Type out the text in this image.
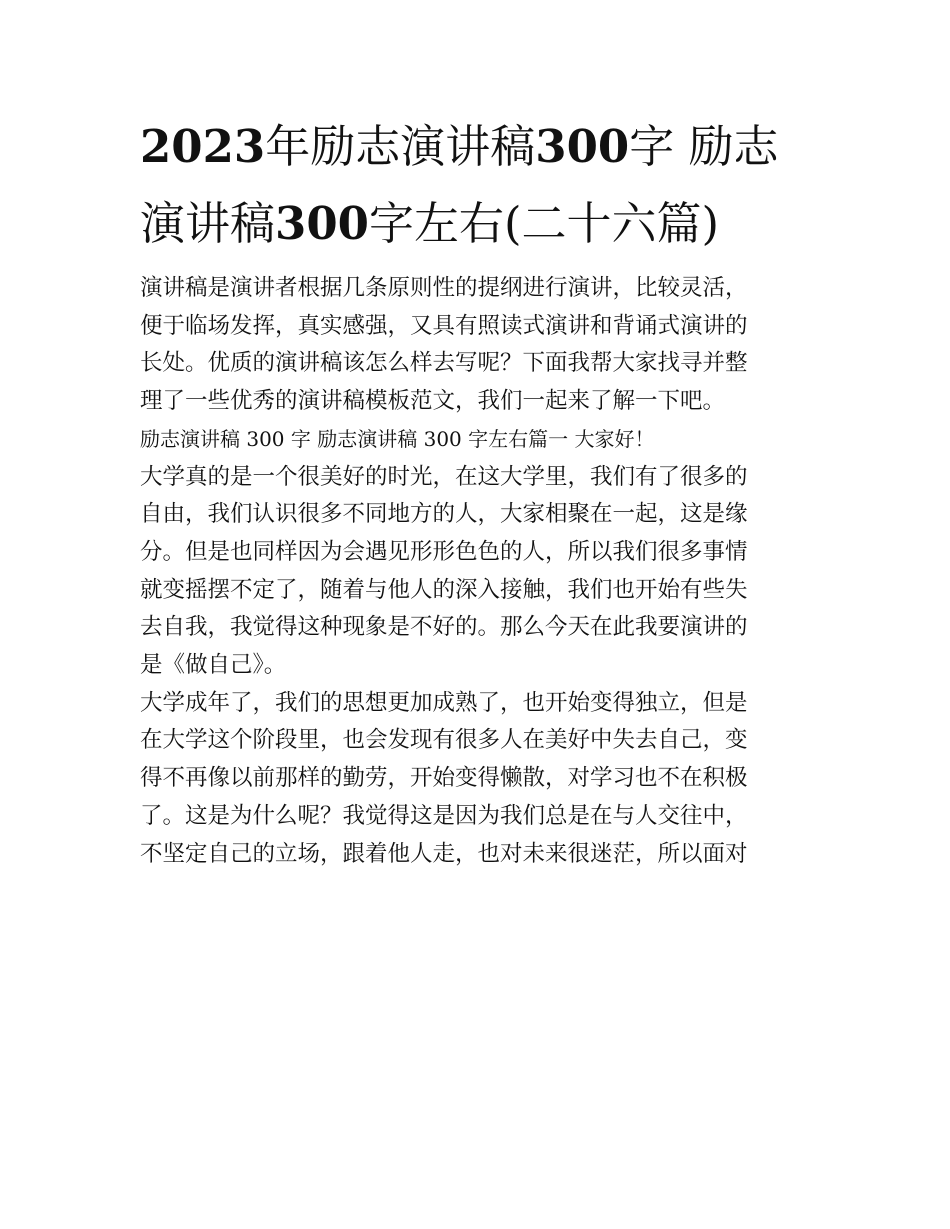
2023年励志演讲稿300字 励志
演讲稿300字左右(二十六篇)

演讲稿是演讲者根据几条原则性的提纲进行演讲，比较灵活，

便于临场发挥，真实感强，又具有照读式演讲和背诵式演讲的

长处。优质的演讲稿该怎么样去写呢？下面我帮大家找寻并整

理了一些优秀的演讲稿模板范文，我们一起来了解一下吧。

励志演讲稿 300 字 励志演讲稿 300 字左右篇一 大家好！

大学真的是一个很美好的时光，在这大学里，我们有了很多的

自由，我们认识很多不同地方的人，大家相聚在一起，这是缘

分。但是也同样因为会遇见形形色色的人，所以我们很多事情

就变摇摆不定了，随着与他人的深入接触，我们也开始有些失

去自我，我觉得这种现象是不好的。那么今天在此我要演讲的

是《做自己》。

大学成年了，我们的思想更加成熟了，也开始变得独立，但是

在大学这个阶段里，也会发现有很多人在美好中失去自己，变

得不再像以前那样的勤劳，开始变得懒散，对学习也不在积极

了。这是为什么呢？我觉得这是因为我们总是在与人交往中，

不坚定自己的立场，跟着他人走，也对未来很迷茫，所以面对
